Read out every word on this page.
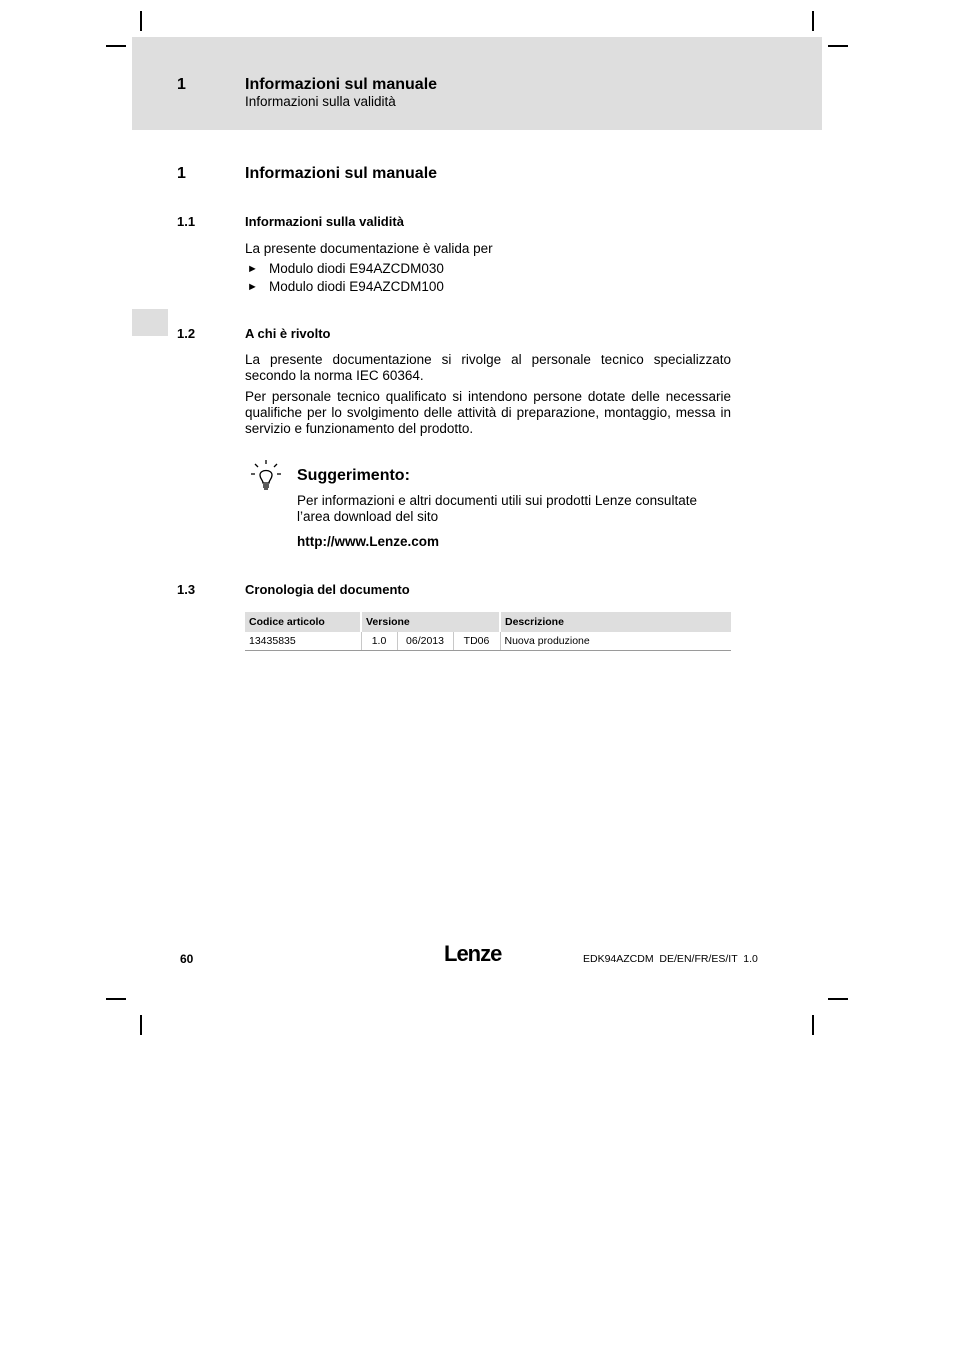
1	Informazioni sul manuale
Informazioni sulla validità
1	Informazioni sul manuale
1.1	Informazioni sulla validità
La presente documentazione è valida per
► Modulo diodi E94AZCDM030
► Modulo diodi E94AZCDM100
1.2	A chi è rivolto
La presente documentazione si rivolge al personale tecnico specializzato secondo la norma IEC 60364.
Per personale tecnico qualificato si intendono persone dotate delle necessarie qualifiche per lo svolgimento delle attività di preparazione, montaggio, messa in servizio e funzionamento del prodotto.
Suggerimento:
Per informazioni e altri documenti utili sui prodotti Lenze consultate l’area download del sito
http://www.Lenze.com
1.3	Cronologia del documento
Codice articolo	Versione			Descrizione
13435835	1.0	06/2013	TD06	Nuova produzione
60	Lenze	EDK94AZCDM  DE/EN/FR/ES/IT  1.0
